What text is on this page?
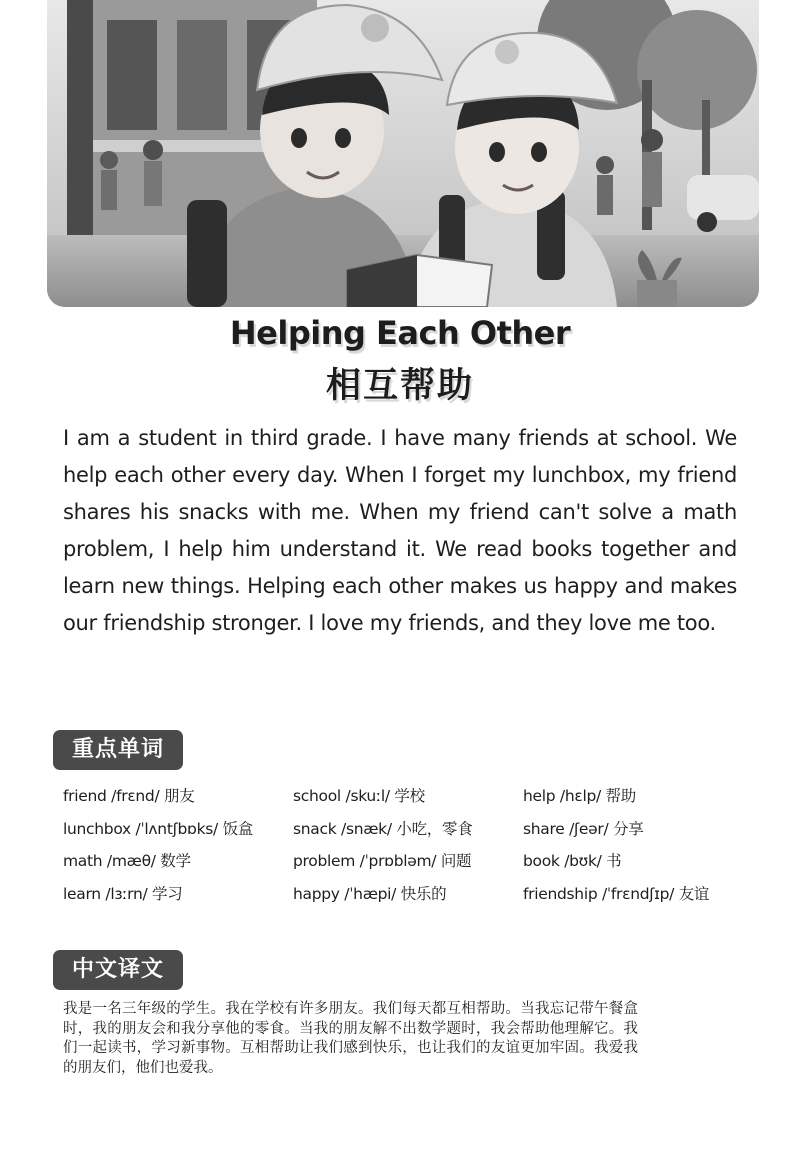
Helping Each Other
相互帮助

I am a student in third grade. I have many friends at school. We help each other every day. When I forget my lunchbox, my friend shares his snacks with me. When my friend can't solve a math problem, I help him understand it. We read books together and learn new things. Helping each other makes us happy and makes our friendship stronger. I love my friends, and they love me too.

重点单词
friend /frɛnd/ 朋友	school /skuːl/ 学校	help /hɛlp/ 帮助
lunchbox /ˈlʌntʃbɒks/ 饭盒	snack /snæk/ 小吃，零食	share /ʃeər/ 分享
math /mæθ/ 数学	problem /ˈprɒbləm/ 问题	book /bʊk/ 书
learn /lɜːrn/ 学习	happy /ˈhæpi/ 快乐的	friendship /ˈfrɛndʃɪp/ 友谊
中文译文

我是一名三年级的学生。我在学校有许多朋友。我们每天都互相帮助。当我忘记带午餐盒时，我的朋友会和我分享他的零食。当我的朋友解不出数学题时，我会帮助他理解它。我们一起读书，学习新事物。互相帮助让我们感到快乐，也让我们的友谊更加牢固。我爱我的朋友们，他们也爱我。
